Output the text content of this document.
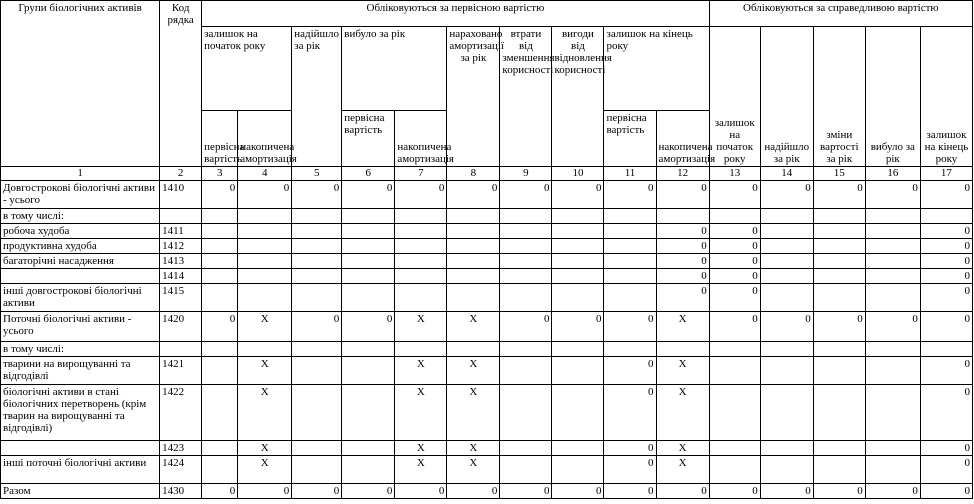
Групи біологічних активів	Код рядка	Обліковуються за первісною вартістю										Обліковуються за справедливою вартістю				
		залишок на початок року		надійшло за рік	вибуло за рік		нараховано амортизації за рік	втрати від зменшення корисності	вигоди від відновлення корисності	залишок на кінець року		залишок на початок року	надійшло за рік	зміни вартості за рік	вибуло за рік	залишок на кінець року
		первісна вартість	накопичена амортизація		первісна вартість	накопичена амортизація				первісна вартість	накопичена амортизація					
1	2	3	4	5	6	7	8	9	10	11	12	13	14	15	16	17
Довгострокові біологічні активи - усього	1410	0	0	0	0	0	0	0	0	0	0	0	0	0	0	0
в тому числі:																
робоча худоба	1411										0	0				0
продуктивна худоба	1412										0	0				0
багаторічні насадження	1413										0	0				0
	1414										0	0				0
інші довгострокові біологічні активи	1415										0	0				0
Поточні біологічні активи - усього	1420	0	X	0	0	X	X	0	0	0	X	0	0	0	0	0
в тому числі:																
тварини на вирощуванні та відгодівлі	1421		X			X	X			0	X					0
біологічні активи в стані біологічних перетворень (крім тварин на вирощуванні та відгодівлі)	1422		X			X	X			0	X					0
	1423		X			X	X			0	X					0
інші поточні біологічні активи	1424		X			X	X			0	X					0
Разом	1430	0	0	0	0	0	0	0	0	0	0	0	0	0	0	0
